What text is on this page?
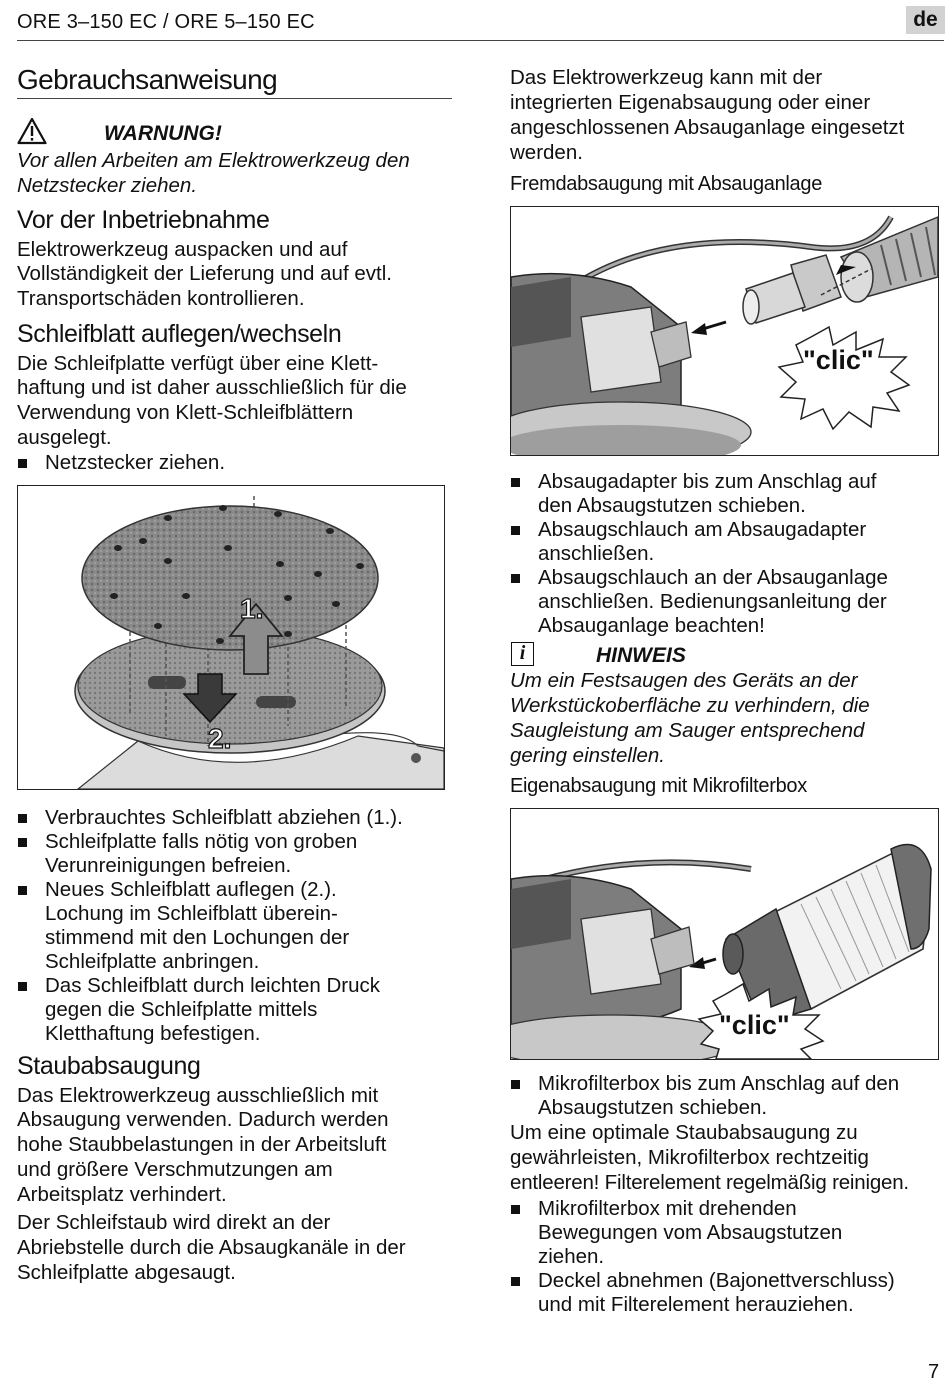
ORE 3–150 EC / ORE 5–150 EC	de
Gebrauchsanweisung
WARNUNG!
Vor allen Arbeiten am Elektrowerkzeug den
Netzstecker ziehen.
Vor der Inbetriebnahme
Elektrowerkzeug auspacken und auf
Vollständigkeit der Lieferung und auf evtl.
Transportschäden kontrollieren.
Schleifblatt auflegen/wechseln
Die Schleifplatte verfügt über eine Klett-
haftung und ist daher ausschließlich für die
Verwendung von Klett-Schleifblättern
ausgelegt.
Netzstecker ziehen.
1.
2.
Verbrauchtes Schleifblatt abziehen (1.).
Schleifplatte falls nötig von groben
Verunreinigungen befreien.
Neues Schleifblatt auflegen (2.).
Lochung im Schleifblatt überein-
stimmend mit den Lochungen der
Schleifplatte anbringen.
Das Schleifblatt durch leichten Druck
gegen die Schleifplatte mittels
Kletthaftung befestigen.
Staubabsaugung
Das Elektrowerkzeug ausschließlich mit
Absaugung verwenden. Dadurch werden
hohe Staubbelastungen in der Arbeitsluft
und größere Verschmutzungen am
Arbeitsplatz verhindert.
Der Schleifstaub wird direkt an der
Abriebstelle durch die Absaugkanäle in der
Schleifplatte abgesaugt.
Das Elektrowerkzeug kann mit der
integrierten Eigenabsaugung oder einer
angeschlossenen Absauganlage eingesetzt
werden.
Fremdabsaugung mit Absauganlage
"clic"
Absaugadapter bis zum Anschlag auf
den Absaugstutzen schieben.
Absaugschlauch am Absaugadapter
anschließen.
Absaugschlauch an der Absauganlage
anschließen. Bedienungsanleitung der
Absauganlage beachten!
i	HINWEIS
Um ein Festsaugen des Geräts an der
Werkstückoberfläche zu verhindern, die
Saugleistung am Sauger entsprechend
gering einstellen.
Eigenabsaugung mit Mikrofilterbox
"clic"
Mikrofilterbox bis zum Anschlag auf den
Absaugstutzen schieben.
Um eine optimale Staubabsaugung zu
gewährleisten, Mikrofilterbox rechtzeitig
entleeren! Filterelement regelmäßig reinigen.
Mikrofilterbox mit drehenden
Bewegungen vom Absaugstutzen
ziehen.
Deckel abnehmen (Bajonettverschluss)
und mit Filterelement herauziehen.
7
